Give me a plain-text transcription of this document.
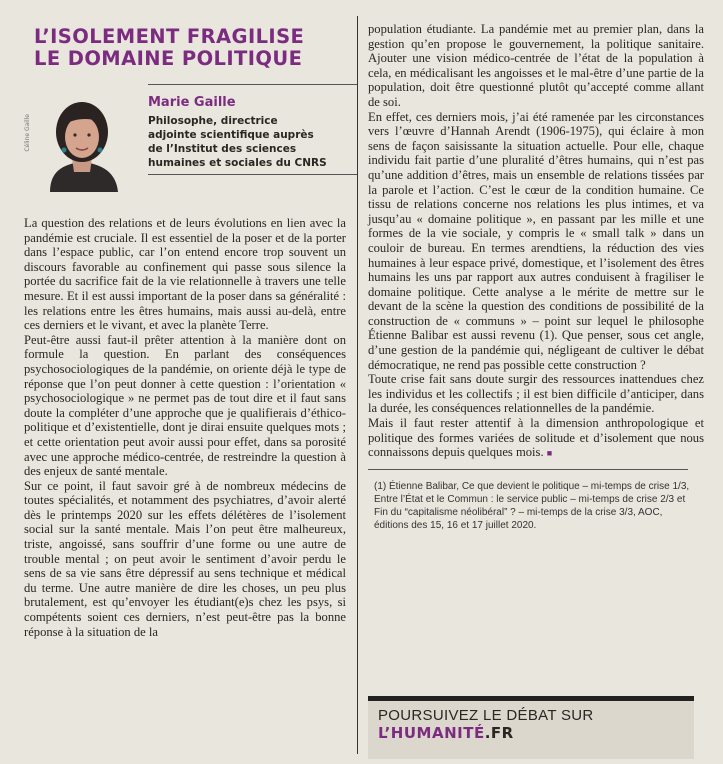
L’ISOLEMENT FRAGILISE
LE DOMAINE POLITIQUE
Céline Gaille
Marie Gaille
Philosophe, directrice
adjointe scientifique auprès
de l’Institut des sciences
humaines et sociales du CNRS

La question des relations et de leurs évolutions en lien avec la pandémie est cruciale. Il est essentiel de la poser et de la porter dans l’espace public, car l’on entend encore trop souvent un discours favorable au confinement qui passe sous silence la portée du sacrifice fait de la vie relationnelle à travers une telle mesure. Et il est aussi important de la poser dans sa généralité : les relations entre les êtres humains, mais aussi au-delà, entre ces derniers et le vivant, et avec la planète Terre.

Peut-être aussi faut-il prêter attention à la manière dont on formule la question. En parlant des conséquences psychosociologiques de la pandémie, on oriente déjà le type de réponse que l’on peut donner à cette question : l’orientation « psychosociologique » ne permet pas de tout dire et il faut sans doute la compléter d’une approche que je qualifierais d’éthico-politique et d’existentielle, dont je dirai ensuite quelques mots ; et cette orientation peut avoir aussi pour effet, dans sa porosité avec une approche médico-centrée, de restreindre la question à des enjeux de santé mentale.

Sur ce point, il faut savoir gré à de nombreux médecins de toutes spécialités, et notamment des psychiatres, d’avoir alerté dès le printemps 2020 sur les effets délétères de l’isolement social sur la santé mentale. Mais l’on peut être malheureux, triste, angoissé, sans souffrir d’une forme ou une autre de trouble mental ; on peut avoir le sentiment d’avoir perdu le sens de sa vie sans être dépressif au sens technique et médical du terme. Une autre manière de dire les choses, un peu plus brutalement, est qu’envoyer les étudiant(e)s chez les psys, si compétents soient ces derniers, n’est peut-être pas la bonne réponse à la situation de la

population étudiante. La pandémie met au premier plan, dans la gestion qu’en propose le gouvernement, la politique sanitaire. Ajouter une vision médico-centrée de l’état de la population à cela, en médicalisant les angoisses et le mal-être d’une partie de la population, doit être questionné plutôt qu’accepté comme allant de soi.

En effet, ces derniers mois, j’ai été ramenée par les circonstances vers l’œuvre d’Hannah Arendt (1906-1975), qui éclaire à mon sens de façon saisissante la situation actuelle. Pour elle, chaque individu fait partie d’une pluralité d’êtres humains, qui n’est pas qu’une addition d’êtres, mais un ensemble de relations tissées par la parole et l’action. C’est le cœur de la condition humaine. Ce tissu de relations concerne nos relations les plus intimes, et va jusqu’au « domaine politique », en passant par les mille et une formes de la vie sociale, y compris le « small talk » dans un couloir de bureau. En termes arendtiens, la réduction des vies humaines à leur espace privé, domestique, et l’isolement des êtres humains les uns par rapport aux autres conduisent à fragiliser le domaine politique. Cette analyse a le mérite de mettre sur le devant de la scène la question des conditions de possibilité de la construction de « communs » – point sur lequel le philosophe Étienne Balibar est aussi revenu (1). Que penser, sous cet angle, d’une gestion de la pandémie qui, négligeant de cultiver le débat démocratique, ne rend pas possible cette construction ?

Toute crise fait sans doute surgir des ressources inattendues chez les individus et les collectifs ; il est bien difficile d’anticiper, dans la durée, les conséquences relationnelles de la pandémie.

Mais il faut rester attentif à la dimension anthropologique et politique des formes variées de solitude et d’isolement que nous connaissons depuis quelques mois. ■

(1) Étienne Balibar, Ce que devient le politique – mi-temps de crise 1/3, Entre l’État et le Commun : le service public – mi-temps de crise 2/3 et Fin du “capitalisme néolibéral” ? – mi-temps de la crise 3/3, AOC, éditions des 15, 16 et 17 juillet 2020.
POURSUIVEZ LE DÉBAT SUR
L’HUMANITÉ.FR
